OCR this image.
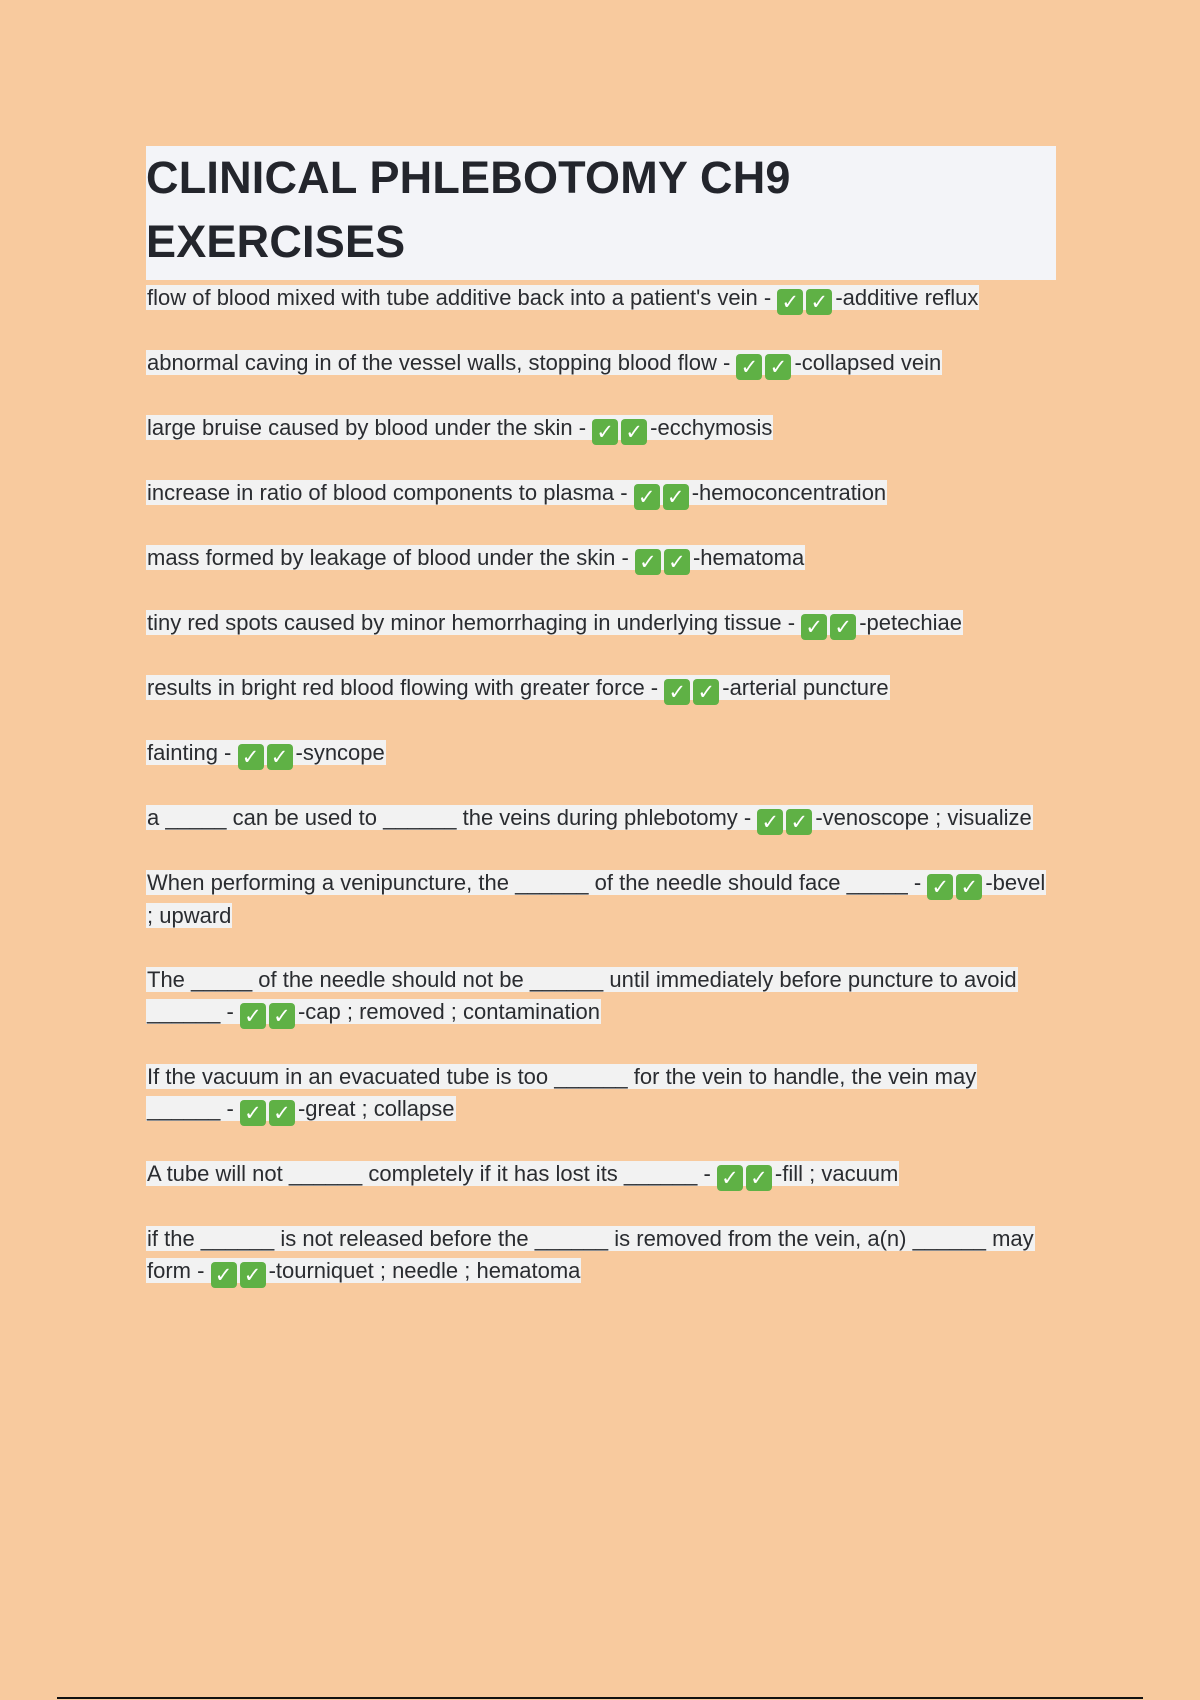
CLINICAL PHLEBOTOMY CH9 EXERCISES
flow of blood mixed with tube additive back into a patient's vein - ✓ ✓ -additive reflux
abnormal caving in of the vessel walls, stopping blood flow - ✓ ✓ -collapsed vein
large bruise caused by blood under the skin - ✓ ✓ -ecchymosis
increase in ratio of blood components to plasma - ✓ ✓ -hemoconcentration
mass formed by leakage of blood under the skin - ✓ ✓ -hematoma
tiny red spots caused by minor hemorrhaging in underlying tissue - ✓ ✓ -petechiae
results in bright red blood flowing with greater force - ✓ ✓ -arterial puncture
fainting - ✓ ✓ -syncope
a _____ can be used to ______ the veins during phlebotomy - ✓ ✓ -venoscope ; visualize
When performing a venipuncture, the ______ of the needle should face _____ - ✓ ✓ -bevel ; upward
The _____ of the needle should not be ______ until immediately before puncture to avoid ______ - ✓ ✓ -cap ; removed ; contamination
If the vacuum in an evacuated tube is too ______ for the vein to handle, the vein may ______ - ✓ ✓ -great ; collapse
A tube will not ______ completely if it has lost its ______ - ✓ ✓ -fill ; vacuum
if the ______ is not released before the ______ is removed from the vein, a(n) ______ may form - ✓ ✓ -tourniquet ; needle ; hematoma
